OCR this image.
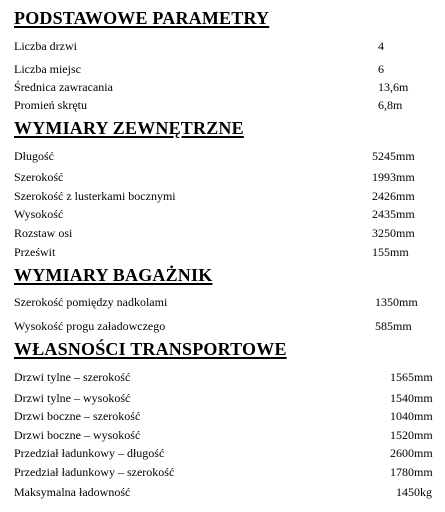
PODSTAWOWE PARAMETRY
Liczba drzwi	4
Liczba miejsc	6
Średnica zawracania	13,6m
Promień skrętu	6,8m
WYMIARY ZEWNĘTRZNE
Długość	5245mm
Szerokość	1993mm
Szerokość z lusterkami bocznymi	2426mm
Wysokość	2435mm
Rozstaw osi	3250mm
Prześwit	155mm
WYMIARY BAGAŻNIK
Szerokość pomiędzy nadkolami	1350mm
Wysokość progu załadowczego	585mm
WŁASNOŚCI TRANSPORTOWE
Drzwi tylne – szerokość	1565mm
Drzwi tylne – wysokość	1540mm
Drzwi boczne – szerokość	1040mm
Drzwi boczne – wysokość	1520mm
Przedział ładunkowy – długość	2600mm
Przedział ładunkowy – szerokość	1780mm
Maksymalna ładowność	1450kg
